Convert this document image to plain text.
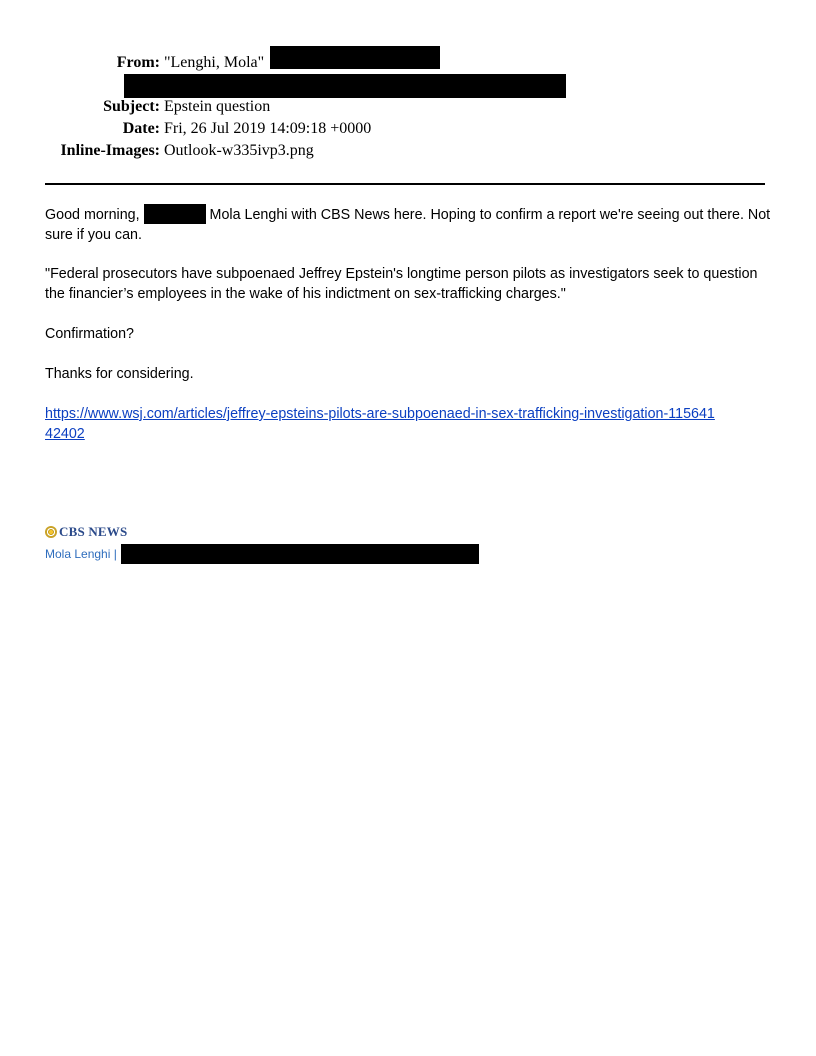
From: "Lenghi, Mola"
Subject: Epstein question
Date: Fri, 26 Jul 2019 14:09:18 +0000
Inline-Images: Outlook-w335ivp3.png
Good morning,	Mola Lenghi with CBS News here. Hoping to confirm a report we're seeing out there. Not sure if you can.
"Federal prosecutors have subpoenaed Jeffrey Epstein's longtime person pilots as investigators seek to question the financier’s employees in the wake of his indictment on sex-trafficking charges."
Confirmation?
Thanks for considering.
https://www.wsj.com/articles/jeffrey-epsteins-pilots-are-subpoenaed-in-sex-trafficking-investigation-11564142402
CBS NEWS
Mola Lenghi |
